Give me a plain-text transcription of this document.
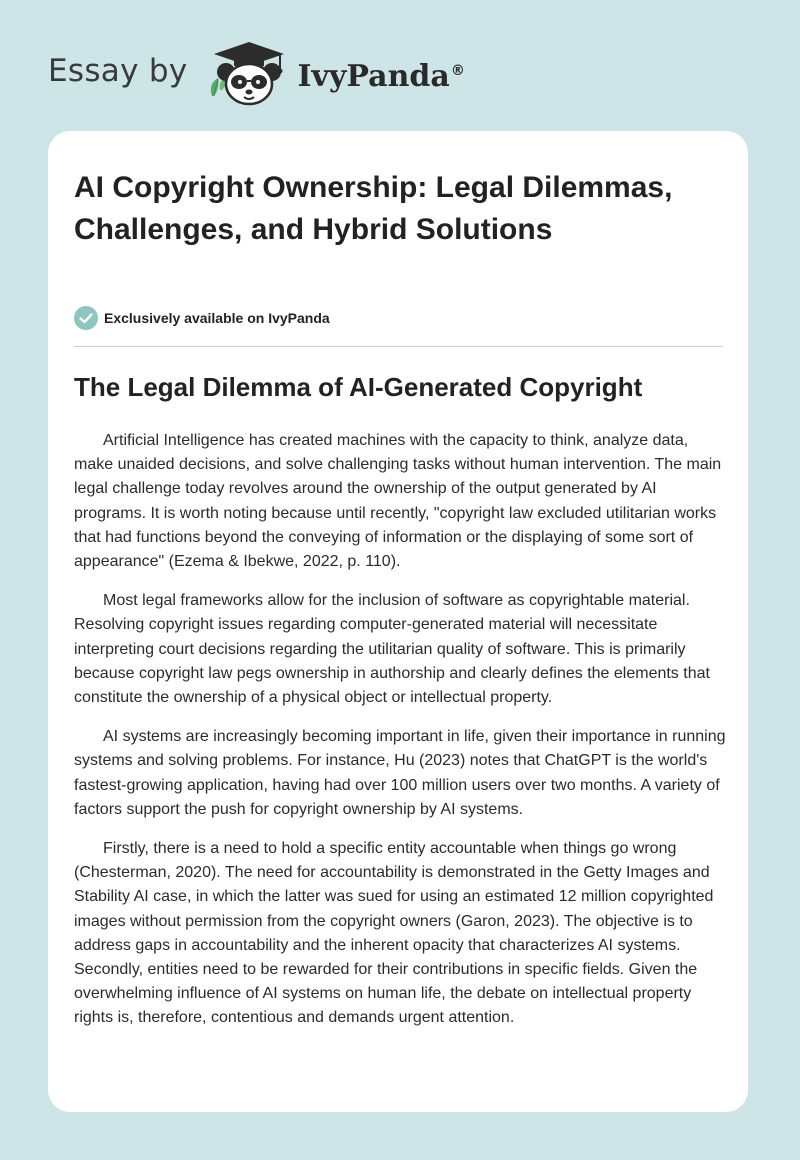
Essay by	IvyPanda®
AI Copyright Ownership: Legal Dilemmas, Challenges, and Hybrid Solutions
Exclusively available on IvyPanda
The Legal Dilemma of AI-Generated Copyright

Artificial Intelligence has created machines with the capacity to think, analyze data, make unaided decisions, and solve challenging tasks without human intervention. The main legal challenge today revolves around the ownership of the output generated by AI programs. It is worth noting because until recently, "copyright law excluded utilitarian works that had functions beyond the conveying of information or the displaying of some sort of appearance" (Ezema & Ibekwe, 2022, p. 110).

Most legal frameworks allow for the inclusion of software as copyrightable material. Resolving copyright issues regarding computer-generated material will necessitate interpreting court decisions regarding the utilitarian quality of software. This is primarily because copyright law pegs ownership in authorship and clearly defines the elements that constitute the ownership of a physical object or intellectual property.

AI systems are increasingly becoming important in life, given their importance in running systems and solving problems. For instance, Hu (2023) notes that ChatGPT is the world's fastest-growing application, having had over 100 million users over two months. A variety of factors support the push for copyright ownership by AI systems.

Firstly, there is a need to hold a specific entity accountable when things go wrong (Chesterman, 2020). The need for accountability is demonstrated in the Getty Images and Stability AI case, in which the latter was sued for using an estimated 12 million copyrighted images without permission from the copyright owners (Garon, 2023). The objective is to address gaps in accountability and the inherent opacity that characterizes AI systems. Secondly, entities need to be rewarded for their contributions in specific fields. Given the overwhelming influence of AI systems on human life, the debate on intellectual property rights is, therefore, contentious and demands urgent attention.
